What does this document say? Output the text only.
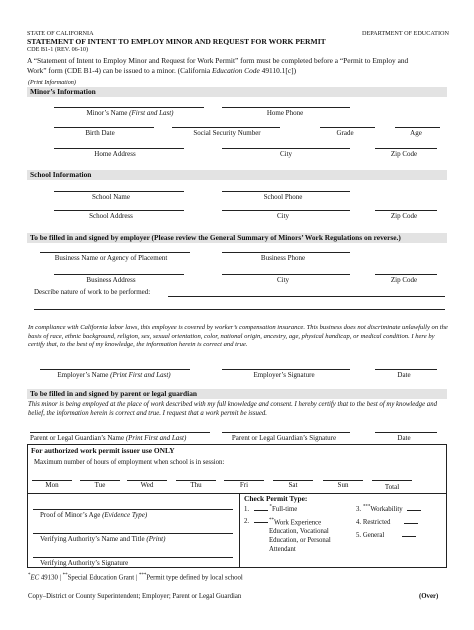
STATE OF CALIFORNIA	DEPARTMENT OF EDUCATION
STATEMENT OF INTENT TO EMPLOY MINOR AND REQUEST FOR WORK PERMIT
CDE B1-1 (REV. 06-10)
A “Statement of Intent to Employ Minor and Request for Work Permit” form must be completed before a “Permit to Employ and
Work” form (CDE B1-4) can be issued to a minor. (California Education Code 49110.1[c])
(Print Information)
Minor’s Information
Minor’s Name (First and Last)	Home Phone
Birth Date	Social Security Number	Grade	Age
Home Address	City	Zip Code
School Information
School Name	School Phone
School Address	City	Zip Code
To be filled in and signed by employer (Please review the General Summary of Minors’ Work Regulations on reverse.)
Business Name or Agency of Placement	Business Phone
Business Address	City	Zip Code
Describe nature of work to be performed:
In compliance with California labor laws, this employee is covered by worker’s compensation insurance. This business does not discriminate unlawfully on the basis of race, ethnic background, religion, sex, sexual orientation, color, national origin, ancestry, age, physical handicap, or medical condition. I here by certify that, to the best of my knowledge, the information herein is correct and true.
Employer’s Name (Print First and Last)	Employer’s Signature	Date
To be filled in and signed by parent or legal guardian
This minor is being employed at the place of work described with my full knowledge and consent. I hereby certify that to the best of my knowledge and belief, the information herein is correct and true. I request that a work permit be issued.
Parent or Legal Guardian’s Name (Print First and Last)	Parent or Legal Guardian’s Signature	Date
For authorized work permit issuer use ONLY
Maximum number of hours of employment when school is in session:
Mon	Tue	Wed	Thu	Fri	Sat	Sun	Total
Proof of Minor’s Age (Evidence Type)
Verifying Authority’s Name and Title (Print)
Verifying Authority’s Signature
Check Permit Type:
1.	*Full-time
2.	**Work Experience Education, Vocational Education, or Personal Attendant
3. ***Workability
4. Restricted
5. General
*EC 49130 | **Special Education Grant | ***Permit type defined by local school
Copy–District or County Superintendent; Employer; Parent or Legal Guardian	(Over)
